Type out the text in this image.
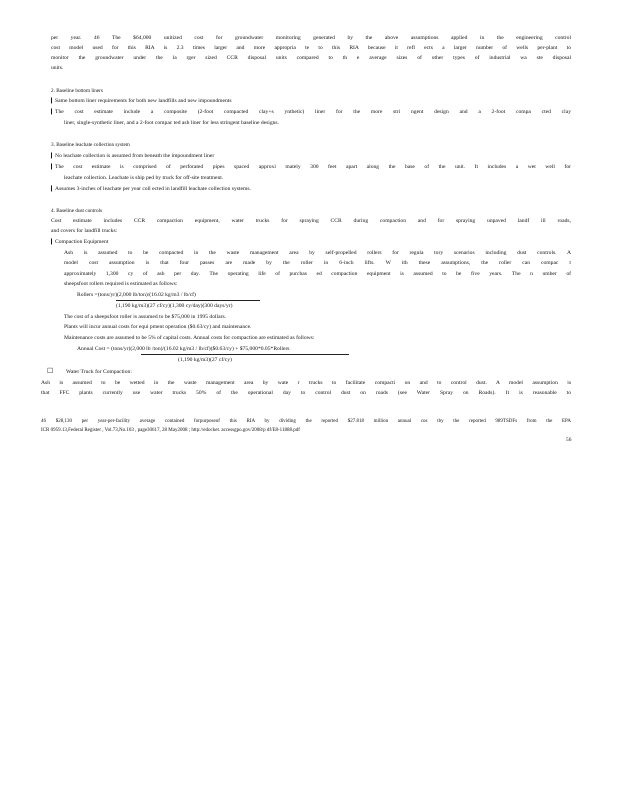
per year. 46 The $64,000 unitized cost for groundwater monitoring generated by the above assumptions applied in the engineering control
cost model used for this RIA is 2.3 times larger and more appropria te to this RIA because it refl ects a larger number of wells per-plant to
monitor the groundwater under the la rger sized CCR disposal units compared to th e average sizes of other types of industrial wa ste disposal
units.
2. Baseline bottom liners
❙ Same bottom liner requirements for both new landfills and new impoundments
❙ The cost estimate include a composite (2-foot compacted clay+s ynthetic) liner for the more stri ngent design and a 2-foot compa cted clay
liner, single-synthetic liner, and a 2-foot compac ted ash liner for less stringent baseline designs.
3. Baseline leachate collection system
❙ No leachate collection is assumed from beneath the impoundment liner
❙ The cost estimate is comprised of perforated pipes spaced approxi mately 300 feet apart along the base of the unit. It includes a wet well for
leachate collection. Leachate is ship ped by truck for off-site treatment.
❙ Assumes 3-inches of leachate per year coll ected in landfill leachate collection systems.
4. Baseline dust controls
Cost estimate includes CCR compaction equipment, water trucks for spraying CCR during compaction and for spraying unpaved landf ill roads,
and covers for landfill trucks:
❙ Compaction Equipment
Ash is assumed to be compacted in the waste management area by self-propelled rollers for regula tory scenarios including dust controls. A
model cost assumption is that four passes are made by the roller in 6-inch lifts. W ith these assumptions, the roller can compac t
approximately 1,300 cy of ash per day. The operating life of purchas ed compaction equipment is assumed to be five years. The n umber of
sheepsfoot rollers required is estimated as follows:
Rollers =(tons/yr)(2,000 lb/ton)/(16.02 kg/m3 / lb/cf)
(1,190 kg/m3)(27 cf/cy)(1,300 cy/day)(300 days/yr)
The cost of a sheepsfoot roller is assumed to be $75,000 in 1995 dollars.
Plants will incur annual costs for equi pment operation ($0.63/cy) and maintenance.
Maintenance costs are assumed to be 5% of capital costs. Annual costs for compaction are estimated as follows:
Annual Cost = (tons/yr)(2,000 lb /ton)/(16.02 kg/m3 / lb/cf)($0.63/cy) + $75,000*0.05*Rollers
(1,190 kg/m3)(27 cf/cy)
☐ Water Truck for Compaction:
Ash is assumed to be wetted in the waste management area by wate r trucks to facilitate compacti on and to control dust. A model assumption is
that FFC plants currently use water trucks 50% of the operational day to control dust on roads (see Water Spray on Roads). It is reasonable to
46 $28,130 per year-per-facility average contained forpurposeof this RIA by dividing the reported $27.818 million annual cos tby the reported 989TSDFs from the EPA
ICR 0959.13,Federal Register , Vol.73,No.103 , page30617, 28 May2008 ; http://edocket. accessgpo.gov/2008/p df/E8-11888.pdf
56
